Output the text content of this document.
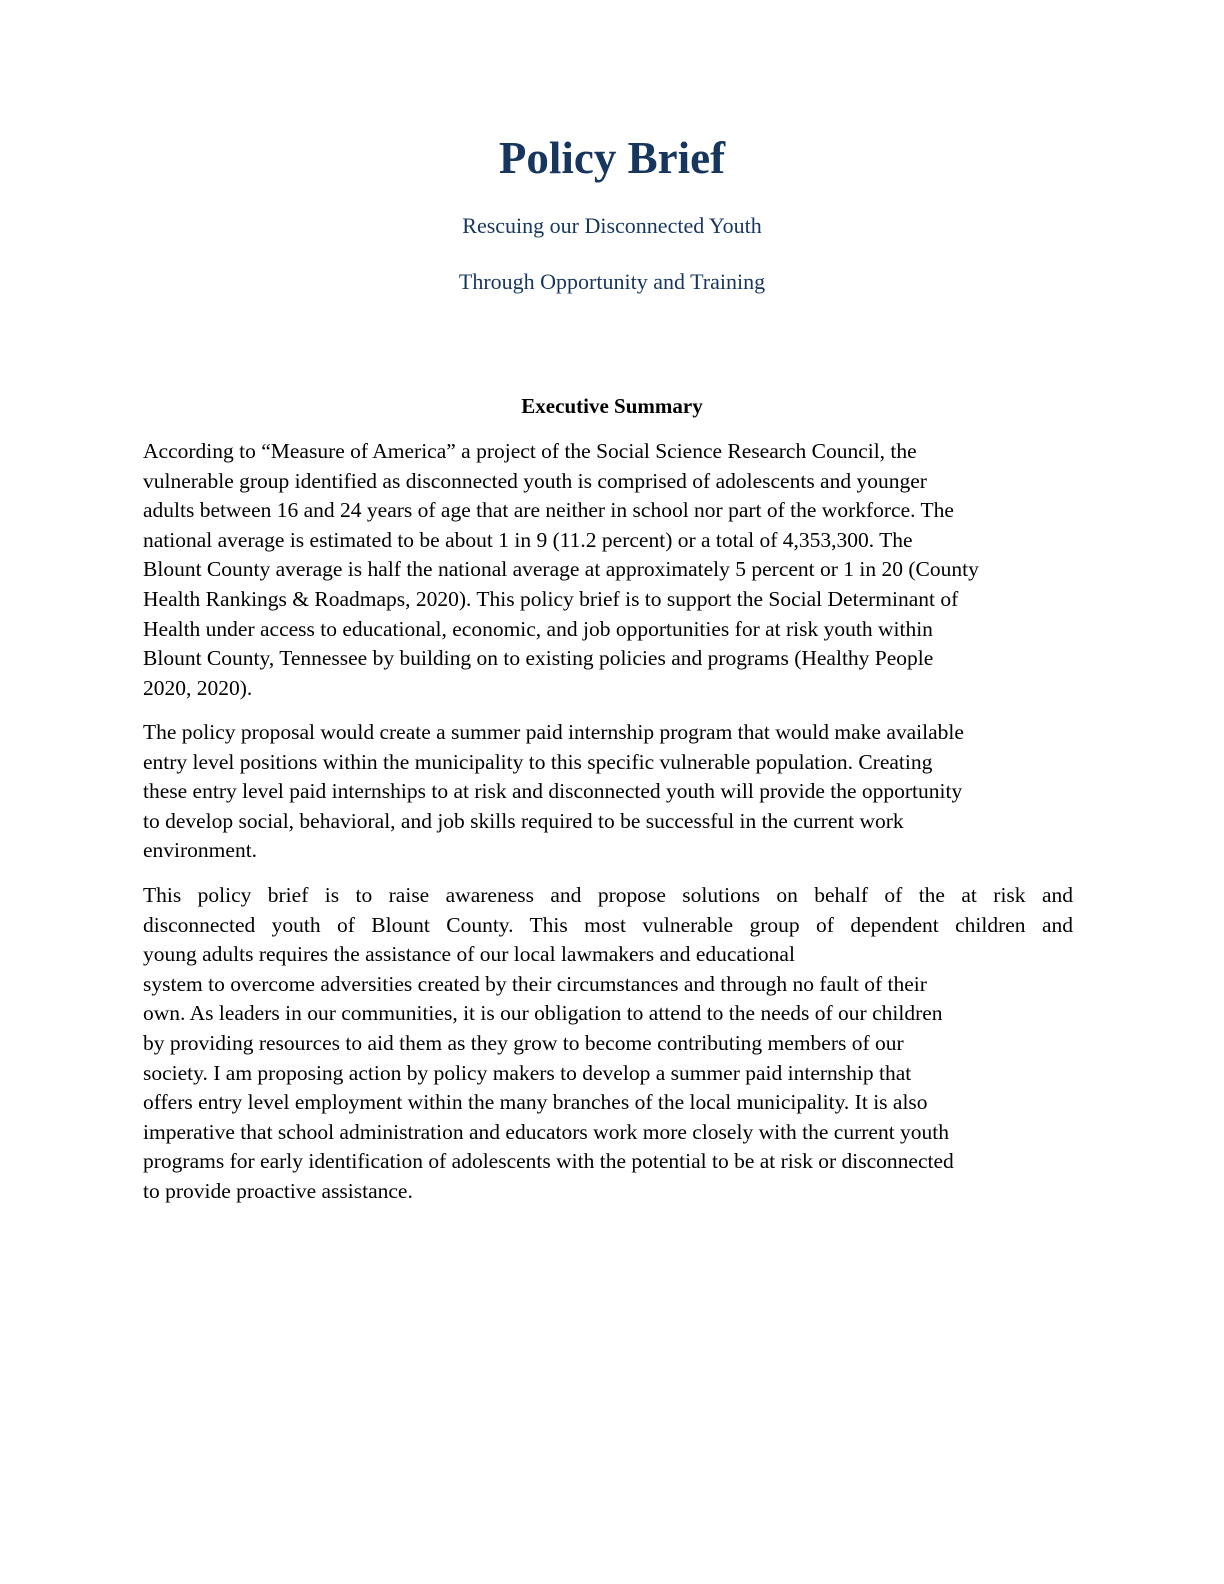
Policy Brief

Rescuing our Disconnected Youth

Through Opportunity and Training

Executive Summary
According to “Measure of America” a project of the Social Science Research Council, the
vulnerable group identified as disconnected youth is comprised of adolescents and younger
adults between 16 and 24 years of age that are neither in school nor part of the workforce. The
national average is estimated to be about 1 in 9 (11.2 percent) or a total of 4,353,300. The
Blount County average is half the national average at approximately 5 percent or 1 in 20 (County
Health Rankings & Roadmaps, 2020). This policy brief is to support the Social Determinant of
Health under access to educational, economic, and job opportunities for at risk youth within
Blount County, Tennessee by building on to existing policies and programs (Healthy People
2020, 2020).
The policy proposal would create a summer paid internship program that would make available
entry level positions within the municipality to this specific vulnerable population. Creating
these entry level paid internships to at risk and disconnected youth will provide the opportunity
to develop social, behavioral, and job skills required to be successful in the current work
environment.
This policy brief is to raise awareness and propose solutions on behalf of the at risk and
disconnected youth of Blount County. This most vulnerable group of dependent children and
young adults requires the assistance of our local lawmakers and educational
system to overcome adversities created by their circumstances and through no fault of their
own. As leaders in our communities, it is our obligation to attend to the needs of our children
by providing resources to aid them as they grow to become contributing members of our
society. I am proposing action by policy makers to develop a summer paid internship that
offers entry level employment within the many branches of the local municipality. It is also
imperative that school administration and educators work more closely with the current youth
programs for early identification of adolescents with the potential to be at risk or disconnected
to provide proactive assistance.
